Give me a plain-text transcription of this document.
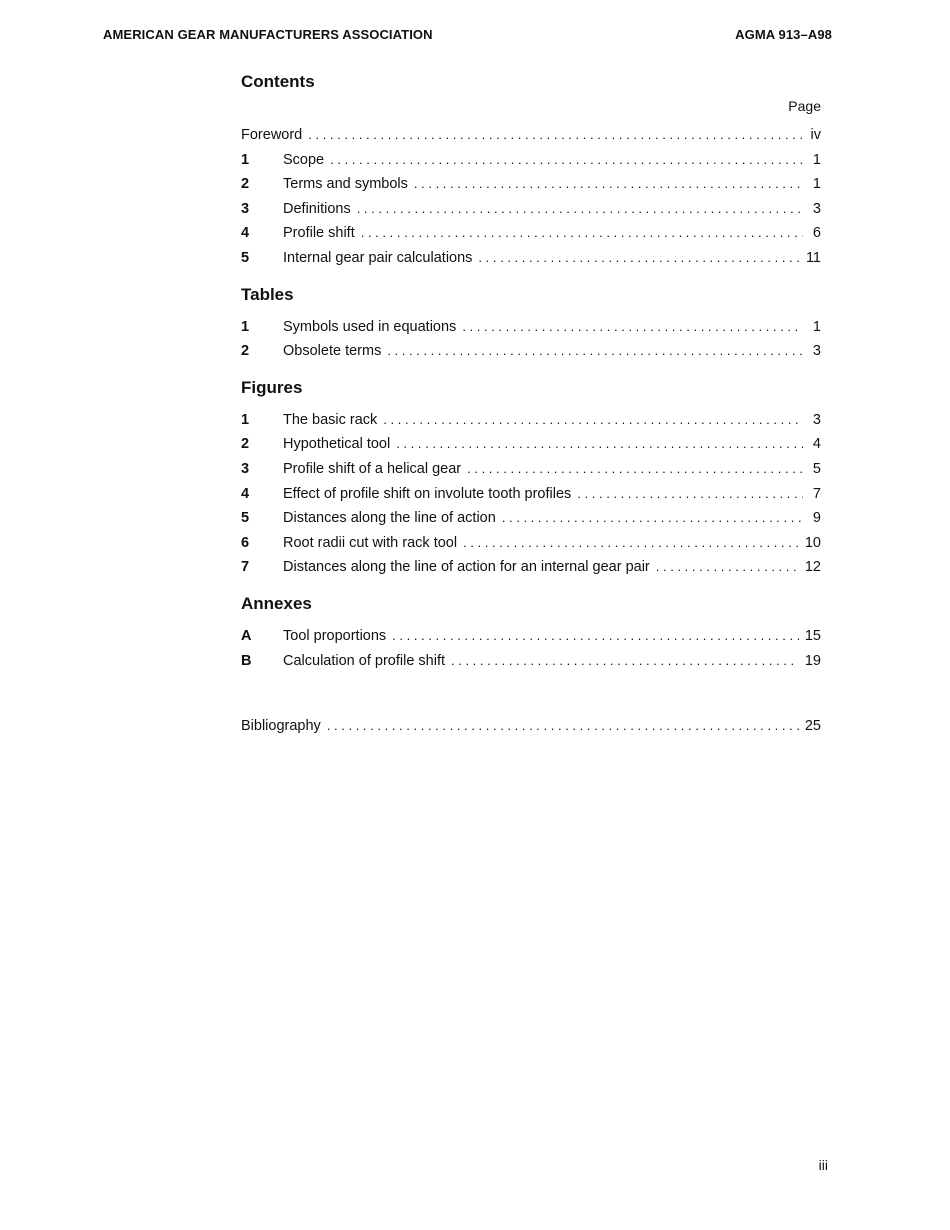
AMERICAN GEAR MANUFACTURERS ASSOCIATION	AGMA 913–A98
Contents
Page
Foreword . . .	iv
1	Scope . . .	1
2	Terms and symbols . . .	1
3	Definitions . . .	3
4	Profile shift . . .	6
5	Internal gear pair calculations . . .	11
Tables
1	Symbols used in equations . . .	1
2	Obsolete terms . . .	3
Figures
1	The basic rack . . .	3
2	Hypothetical tool . . .	4
3	Profile shift of a helical gear . . .	5
4	Effect of profile shift on involute tooth profiles . . .	7
5	Distances along the line of action . . .	9
6	Root radii cut with rack tool . . .	10
7	Distances along the line of action for an internal gear pair . . .	12
Annexes
A	Tool proportions . . .	15
B	Calculation of profile shift . . .	19
Bibliography . . .	25
iii
